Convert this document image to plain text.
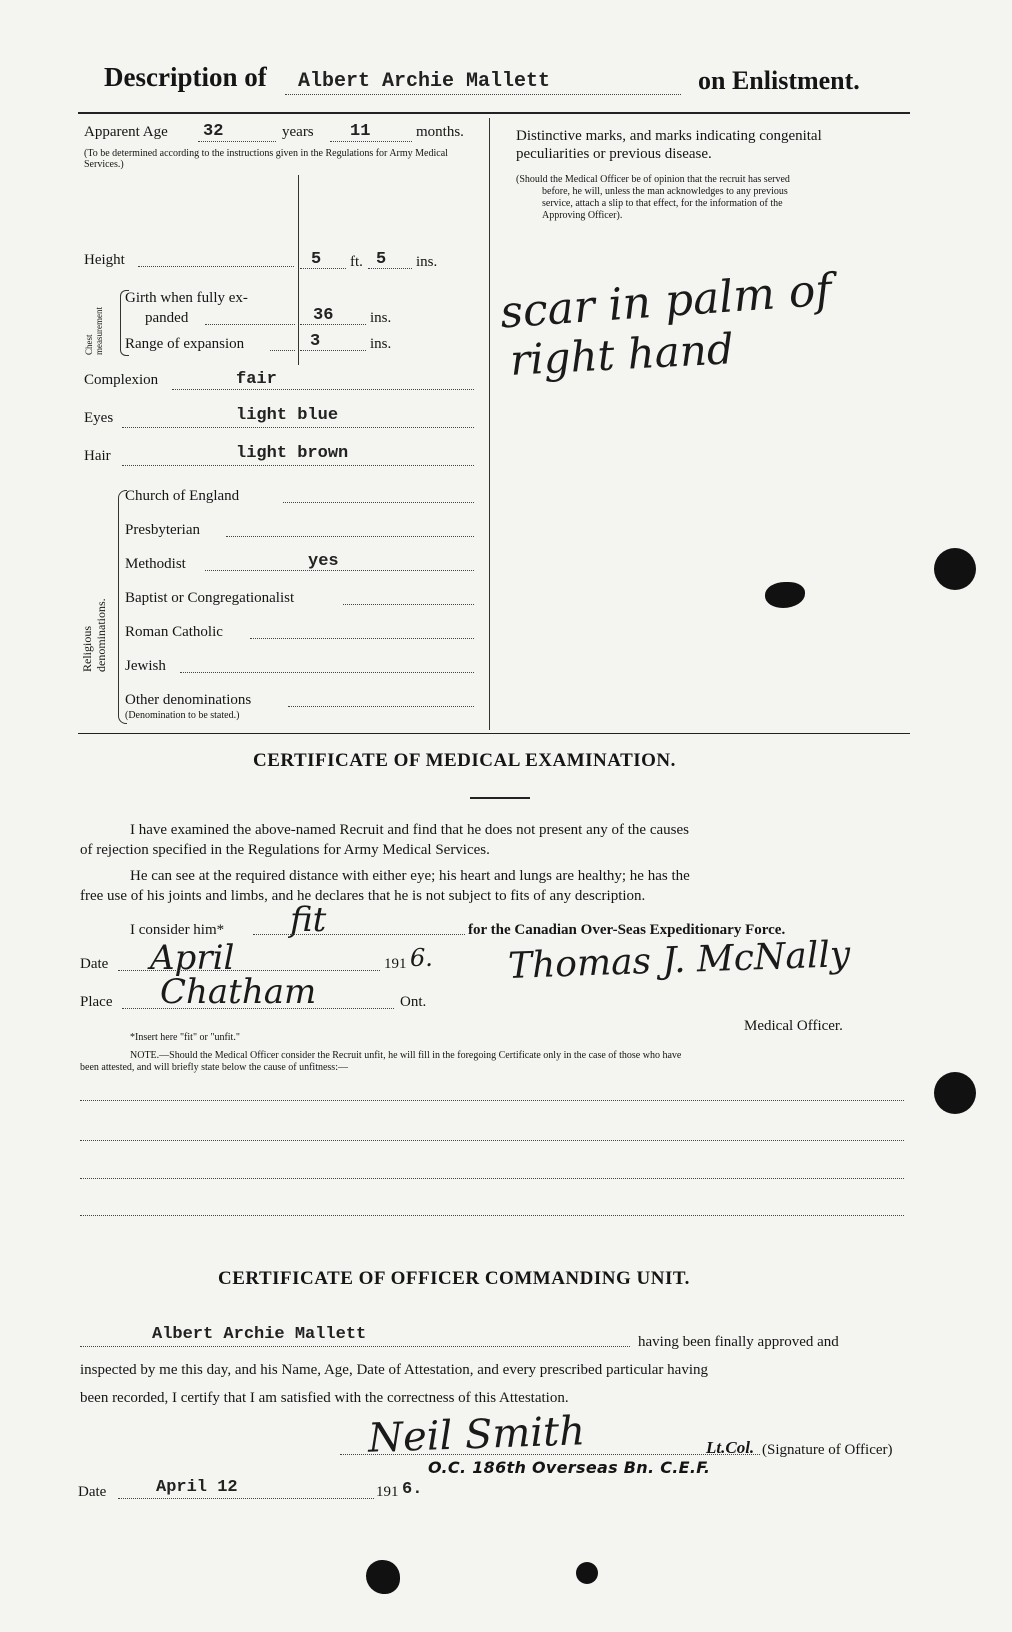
Description of Albert Archie Mallett	on Enlistment.
Apparent Age 32	years 11	months.
(To be determined according to the instructions given in the Regulations for Army Medical Services.)
Distinctive marks, and marks indicating congenital
peculiarities or previous disease.
(Should the Medical Officer be of opinion that the recruit has served
before, he will, unless the man acknowledges to any previous
service, attach a slip to that effect, for the information of the
Approving Officer).
scar in palm of
right hand
Height	5 ft. 5 ins.
Chest measurement
Girth when fully ex-
panded	36 ins.
Range of expansion	3	ins.
Complexion	fair
Eyes	light blue
Hair	light brown
Religious denominations.
Church of England
Presbyterian
Methodist	yes
Baptist or Congregationalist
Roman Catholic
Jewish
Other denominations
(Denomination to be stated.)
CERTIFICATE OF MEDICAL EXAMINATION.
I have examined the above-named Recruit and find that he does not present any of the causes
of rejection specified in the Regulations for Army Medical Services.
He can see at the required distance with either eye; his heart and lungs are healthy; he has the
free use of his joints and limbs, and he declares that he is not subject to fits of any description.
I consider him* fit	for the Canadian Over-Seas Expeditionary Force.
Date April	191 6. Thomas J. McNally
Place Chatham	Ont.
*Insert here "fit" or "unfit."
Medical Officer.
NOTE.—Should the Medical Officer consider the Recruit unfit, he will fill in the foregoing Certificate only in the case of those who have
been attested, and will briefly state below the cause of unfitness:—
CERTIFICATE OF OFFICER COMMANDING UNIT.
Albert Archie Mallett	having been finally approved and
inspected by me this day, and his Name, Age, Date of Attestation, and every prescribed particular having
been recorded, I certify that I am satisfied with the correctness of this Attestation.
Neil Smith	Lt.Col. (Signature of Officer)
O.C. 186th Overseas Bn. C.E.F.
Date	April 12	191 6.
